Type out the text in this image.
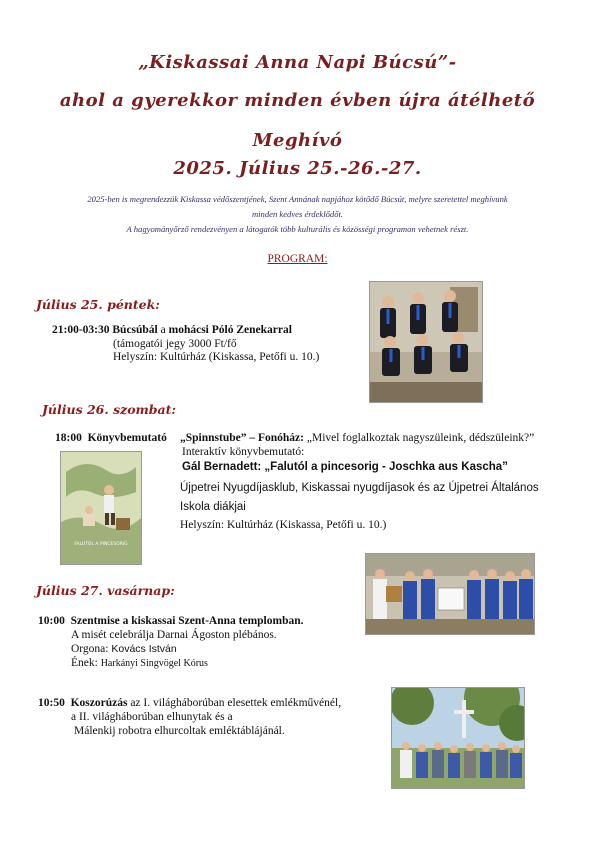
„Kiskassai Anna Napi Búcsú”-
ahol a gyerekkor minden évben újra átélhető
Meghívó
2025. Július 25.-26.-27.
2025-ben is megrendezzük Kiskassa védőszentjének, Szent Annának napjához kötődő Búcsút, melyre szeretettel meghívunk
minden kedves érdeklődőt.
A hagyományőrző rendezvényen a látogatók több kulturális és közösségi programon vehetnek részt.
PROGRAM:
Július 25. péntek:
21:00-03:30 Búcsúbál a mohácsi Póló Zenekarral
(támogatói jegy 3000 Ft/fő
Helyszín: Kultúrház (Kiskassa, Petőfi u. 10.)
Július 26. szombat:
18:00 Könyvbemutató „Spinnstube” – Fonóház: „Mivel foglalkoztak nagyszüleink, dédszüleink?”
Interaktív könyvbemutató:
Gál Bernadett: „Falutól a pincesorig - Joschka aus Kascha”
Újpetrei Nyugdíjasklub, Kiskassai nyugdíjasok és az Újpetrei Általános
Iskola diákjai
Helyszín: Kultúrház (Kiskassa, Petőfi u. 10.)
FALUTÓL A PINCESORIG
Július 27. vasárnap:
10:00 Szentmise a kiskassai Szent-Anna templomban.
A misét celebrálja Darnai Ágoston plébános.
Orgona: Kovács István
Ének: Harkányi Singvögel Kórus
10:50 Koszorúzás az I. világháborúban elesettek emlékművénél,
a II. világháborúban elhunytak és a
Málenkij robotra elhurcoltak emléktáblájánál.
